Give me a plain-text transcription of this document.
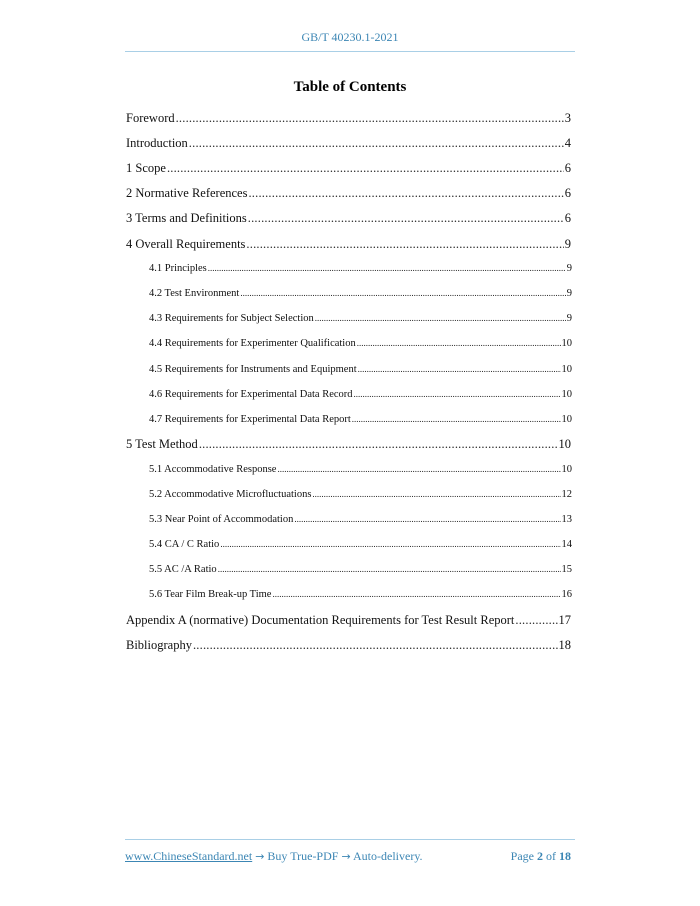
GB/T 40230.1-2021
Table of Contents
Foreword .....	3
Introduction .....	4
1 Scope .....	6
2 Normative References .....	6
3 Terms and Definitions .....	6
4 Overall Requirements .....	9
4.1 Principles .....	9
4.2 Test Environment .....	9
4.3 Requirements for Subject Selection .....	9
4.4 Requirements for Experimenter Qualification .....	10
4.5 Requirements for Instruments and Equipment .....	10
4.6 Requirements for Experimental Data Record .....	10
4.7 Requirements for Experimental Data Report .....	10
5 Test Method .....	10
5.1 Accommodative Response .....	10
5.2 Accommodative Microfluctuations .....	12
5.3 Near Point of Accommodation .....	13
5.4 CA / C Ratio .....	14
5.5 AC /A Ratio .....	15
5.6 Tear Film Break-up Time .....	16
Appendix A (normative) Documentation Requirements for Test Result Report .....	17
Bibliography .....	18
www.ChineseStandard.net → Buy True-PDF → Auto-delivery.	Page 2 of 18
